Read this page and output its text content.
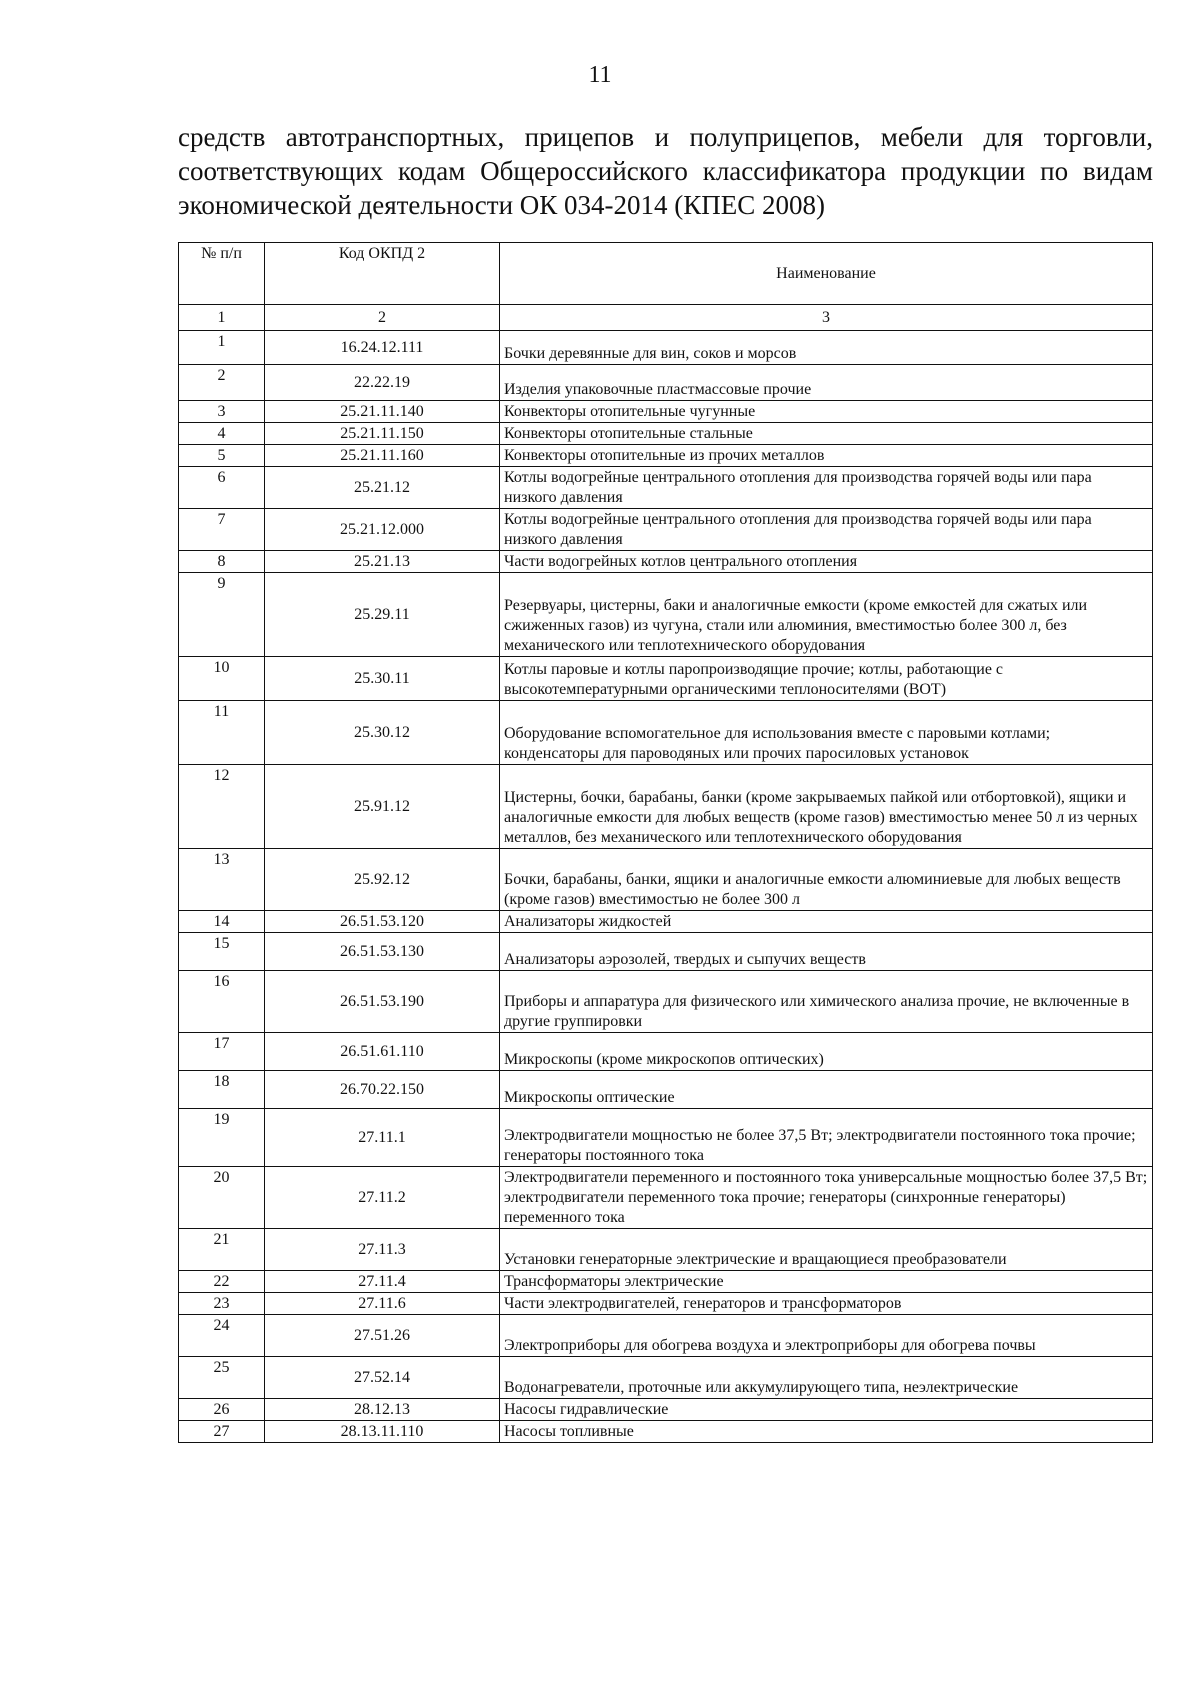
11
средств автотранспортных, прицепов и полуприцепов, мебели для торговли, соответствующих кодам Общероссийского классификатора продукции по видам экономической деятельности ОК 034-2014 (КПЕС 2008)
№ п/п	Код ОКПД 2	Наименование
1	2	3
1	16.24.12.111	Бочки деревянные для вин, соков и морсов
2	22.22.19	Изделия упаковочные пластмассовые прочие
3	25.21.11.140	Конвекторы отопительные чугунные
4	25.21.11.150	Конвекторы отопительные стальные
5	25.21.11.160	Конвекторы отопительные из прочих металлов
6	25.21.12	Котлы водогрейные центрального отопления для производства горячей воды или пара низкого давления
7	25.21.12.000	Котлы водогрейные центрального отопления для производства горячей воды или пара низкого давления
8	25.21.13	Части водогрейных котлов центрального отопления
9	25.29.11	Резервуары, цистерны, баки и аналогичные емкости (кроме емкостей для сжатых или сжиженных газов) из чугуна, стали или алюминия, вместимостью более 300 л, без механического или теплотехнического оборудования
10	25.30.11	Котлы паровые и котлы паропроизводящие прочие; котлы, работающие с высокотемпературными органическими теплоносителями (ВОТ)
11	25.30.12	Оборудование вспомогательное для использования вместе с паровыми котлами; конденсаторы для пароводяных или прочих паросиловых установок
12	25.91.12	Цистерны, бочки, барабаны, банки (кроме закрываемых пайкой или отбортовкой), ящики и аналогичные емкости для любых веществ (кроме газов) вместимостью менее 50 л из черных металлов, без механического или теплотехнического оборудования
13	25.92.12	Бочки, барабаны, банки, ящики и аналогичные емкости алюминиевые для любых веществ (кроме газов) вместимостью не более 300 л
14	26.51.53.120	Анализаторы жидкостей
15	26.51.53.130	Анализаторы аэрозолей, твердых и сыпучих веществ
16	26.51.53.190	Приборы и аппаратура для физического или химического анализа прочие, не включенные в другие группировки
17	26.51.61.110	Микроскопы (кроме микроскопов оптических)
18	26.70.22.150	Микроскопы оптические
19	27.11.1	Электродвигатели мощностью не более 37,5 Вт; электродвигатели постоянного тока прочие; генераторы постоянного тока
20	27.11.2	Электродвигатели переменного и постоянного тока универсальные мощностью более 37,5 Вт; электродвигатели переменного тока прочие; генераторы (синхронные генераторы) переменного тока
21	27.11.3	Установки генераторные электрические и вращающиеся преобразователи
22	27.11.4	Трансформаторы электрические
23	27.11.6	Части электродвигателей, генераторов и трансформаторов
24	27.51.26	Электроприборы для обогрева воздуха и электроприборы для обогрева почвы
25	27.52.14	Водонагреватели, проточные или аккумулирующего типа, неэлектрические
26	28.12.13	Насосы гидравлические
27	28.13.11.110	Насосы топливные
